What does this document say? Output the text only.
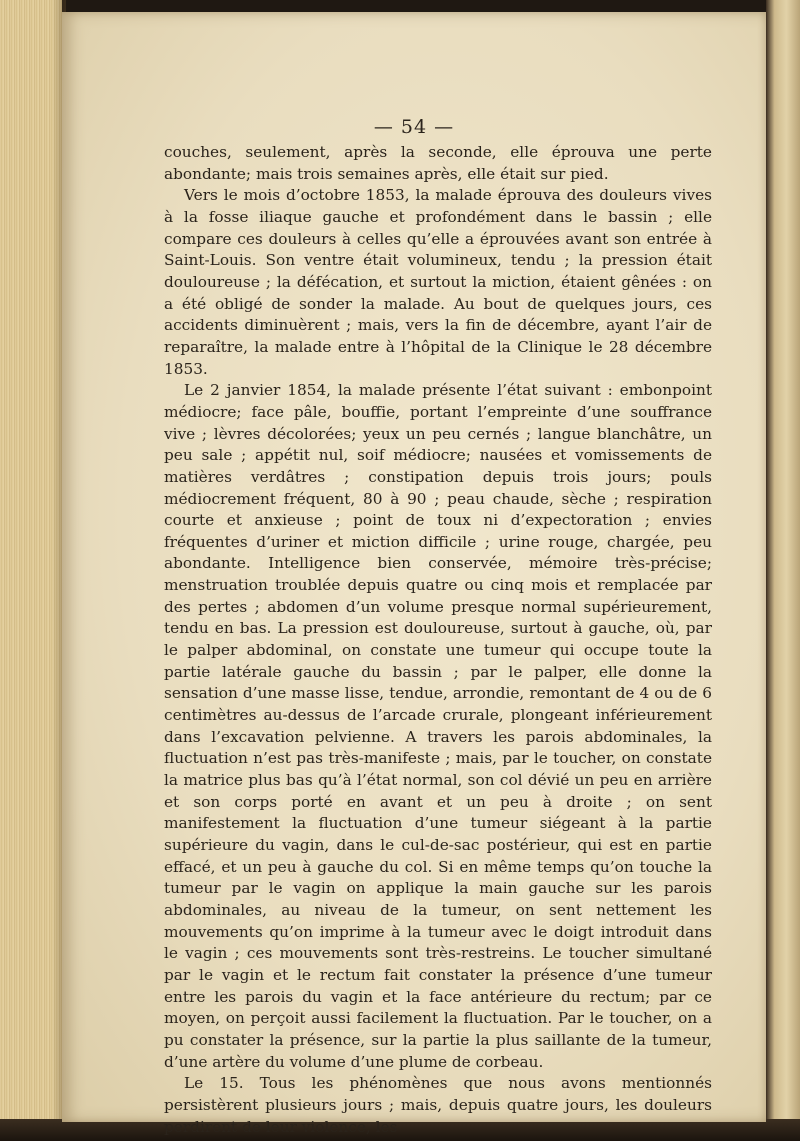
— 54 —

couches, seulement, après la seconde, elle éprouva une perte abondante; mais trois semaines après, elle était sur pied.

Vers le mois d’octobre 1853, la malade éprouva des douleurs vives à la fosse iliaque gauche et profondément dans le bassin ; elle compare ces douleurs à celles qu’elle a éprouvées avant son entrée à Saint-Louis. Son ventre était volumineux, tendu ; la pression était douloureuse ; la défécation, et surtout la miction, étaient gênées : on a été obligé de sonder la malade. Au bout de quelques jours, ces accidents diminuèrent ; mais, vers la fin de décembre, ayant l’air de reparaître, la malade entre à l’hôpital de la Clinique le 28 décembre 1853.

Le 2 janvier 1854, la malade présente l’état suivant : embonpoint médiocre; face pâle, bouffie, portant l’empreinte d’une souffrance vive ; lèvres décolorées; yeux un peu cernés ; langue blanchâtre, un peu sale ; appétit nul, soif médiocre; nausées et vomissements de matières verdâtres ; constipation depuis trois jours; pouls médiocrement fréquent, 80 à 90 ; peau chaude, sèche ; respiration courte et anxieuse ; point de toux ni d’expectoration ; envies fréquentes d’uriner et miction difficile ; urine rouge, chargée, peu abondante. Intelligence bien conservée, mémoire très-précise; menstruation troublée depuis quatre ou cinq mois et remplacée par des pertes ; abdomen d’un volume presque normal supérieurement, tendu en bas. La pression est douloureuse, surtout à gauche, où, par le palper abdominal, on constate une tumeur qui occupe toute la partie latérale gauche du bassin ; par le palper, elle donne la sensation d’une masse lisse, tendue, arrondie, remontant de 4 ou de 6 centimètres au-dessus de l’arcade crurale, plongeant inférieurement dans l’excavation pelvienne. A travers les parois abdominales, la fluctuation n’est pas très-manifeste ; mais, par le toucher, on constate la matrice plus bas qu’à l’état normal, son col dévié un peu en arrière et son corps porté en avant et un peu à droite ; on sent manifestement la fluctuation d’une tumeur siégeant à la partie supérieure du vagin, dans le cul-de-sac postérieur, qui est en partie effacé, et un peu à gauche du col. Si en même temps qu’on touche la tumeur par le vagin on applique la main gauche sur les parois abdominales, au niveau de la tumeur, on sent nettement les mouvements qu’on imprime à la tumeur avec le doigt introduit dans le vagin ; ces mouvements sont très-restreins. Le toucher simultané par le vagin et le rectum fait constater la présence d’une tumeur entre les parois du vagin et la face antérieure du rectum; par ce moyen, on perçoit aussi facilement la fluctuation. Par le toucher, on a pu constater la présence, sur la partie la plus saillante de la tumeur, d’une artère du volume d’une plume de corbeau.

Le 15. Tous les phénomènes que nous avons mentionnés persistèrent plusieurs jours ; mais, depuis quatre jours, les douleurs perdirent de leur violence, les
